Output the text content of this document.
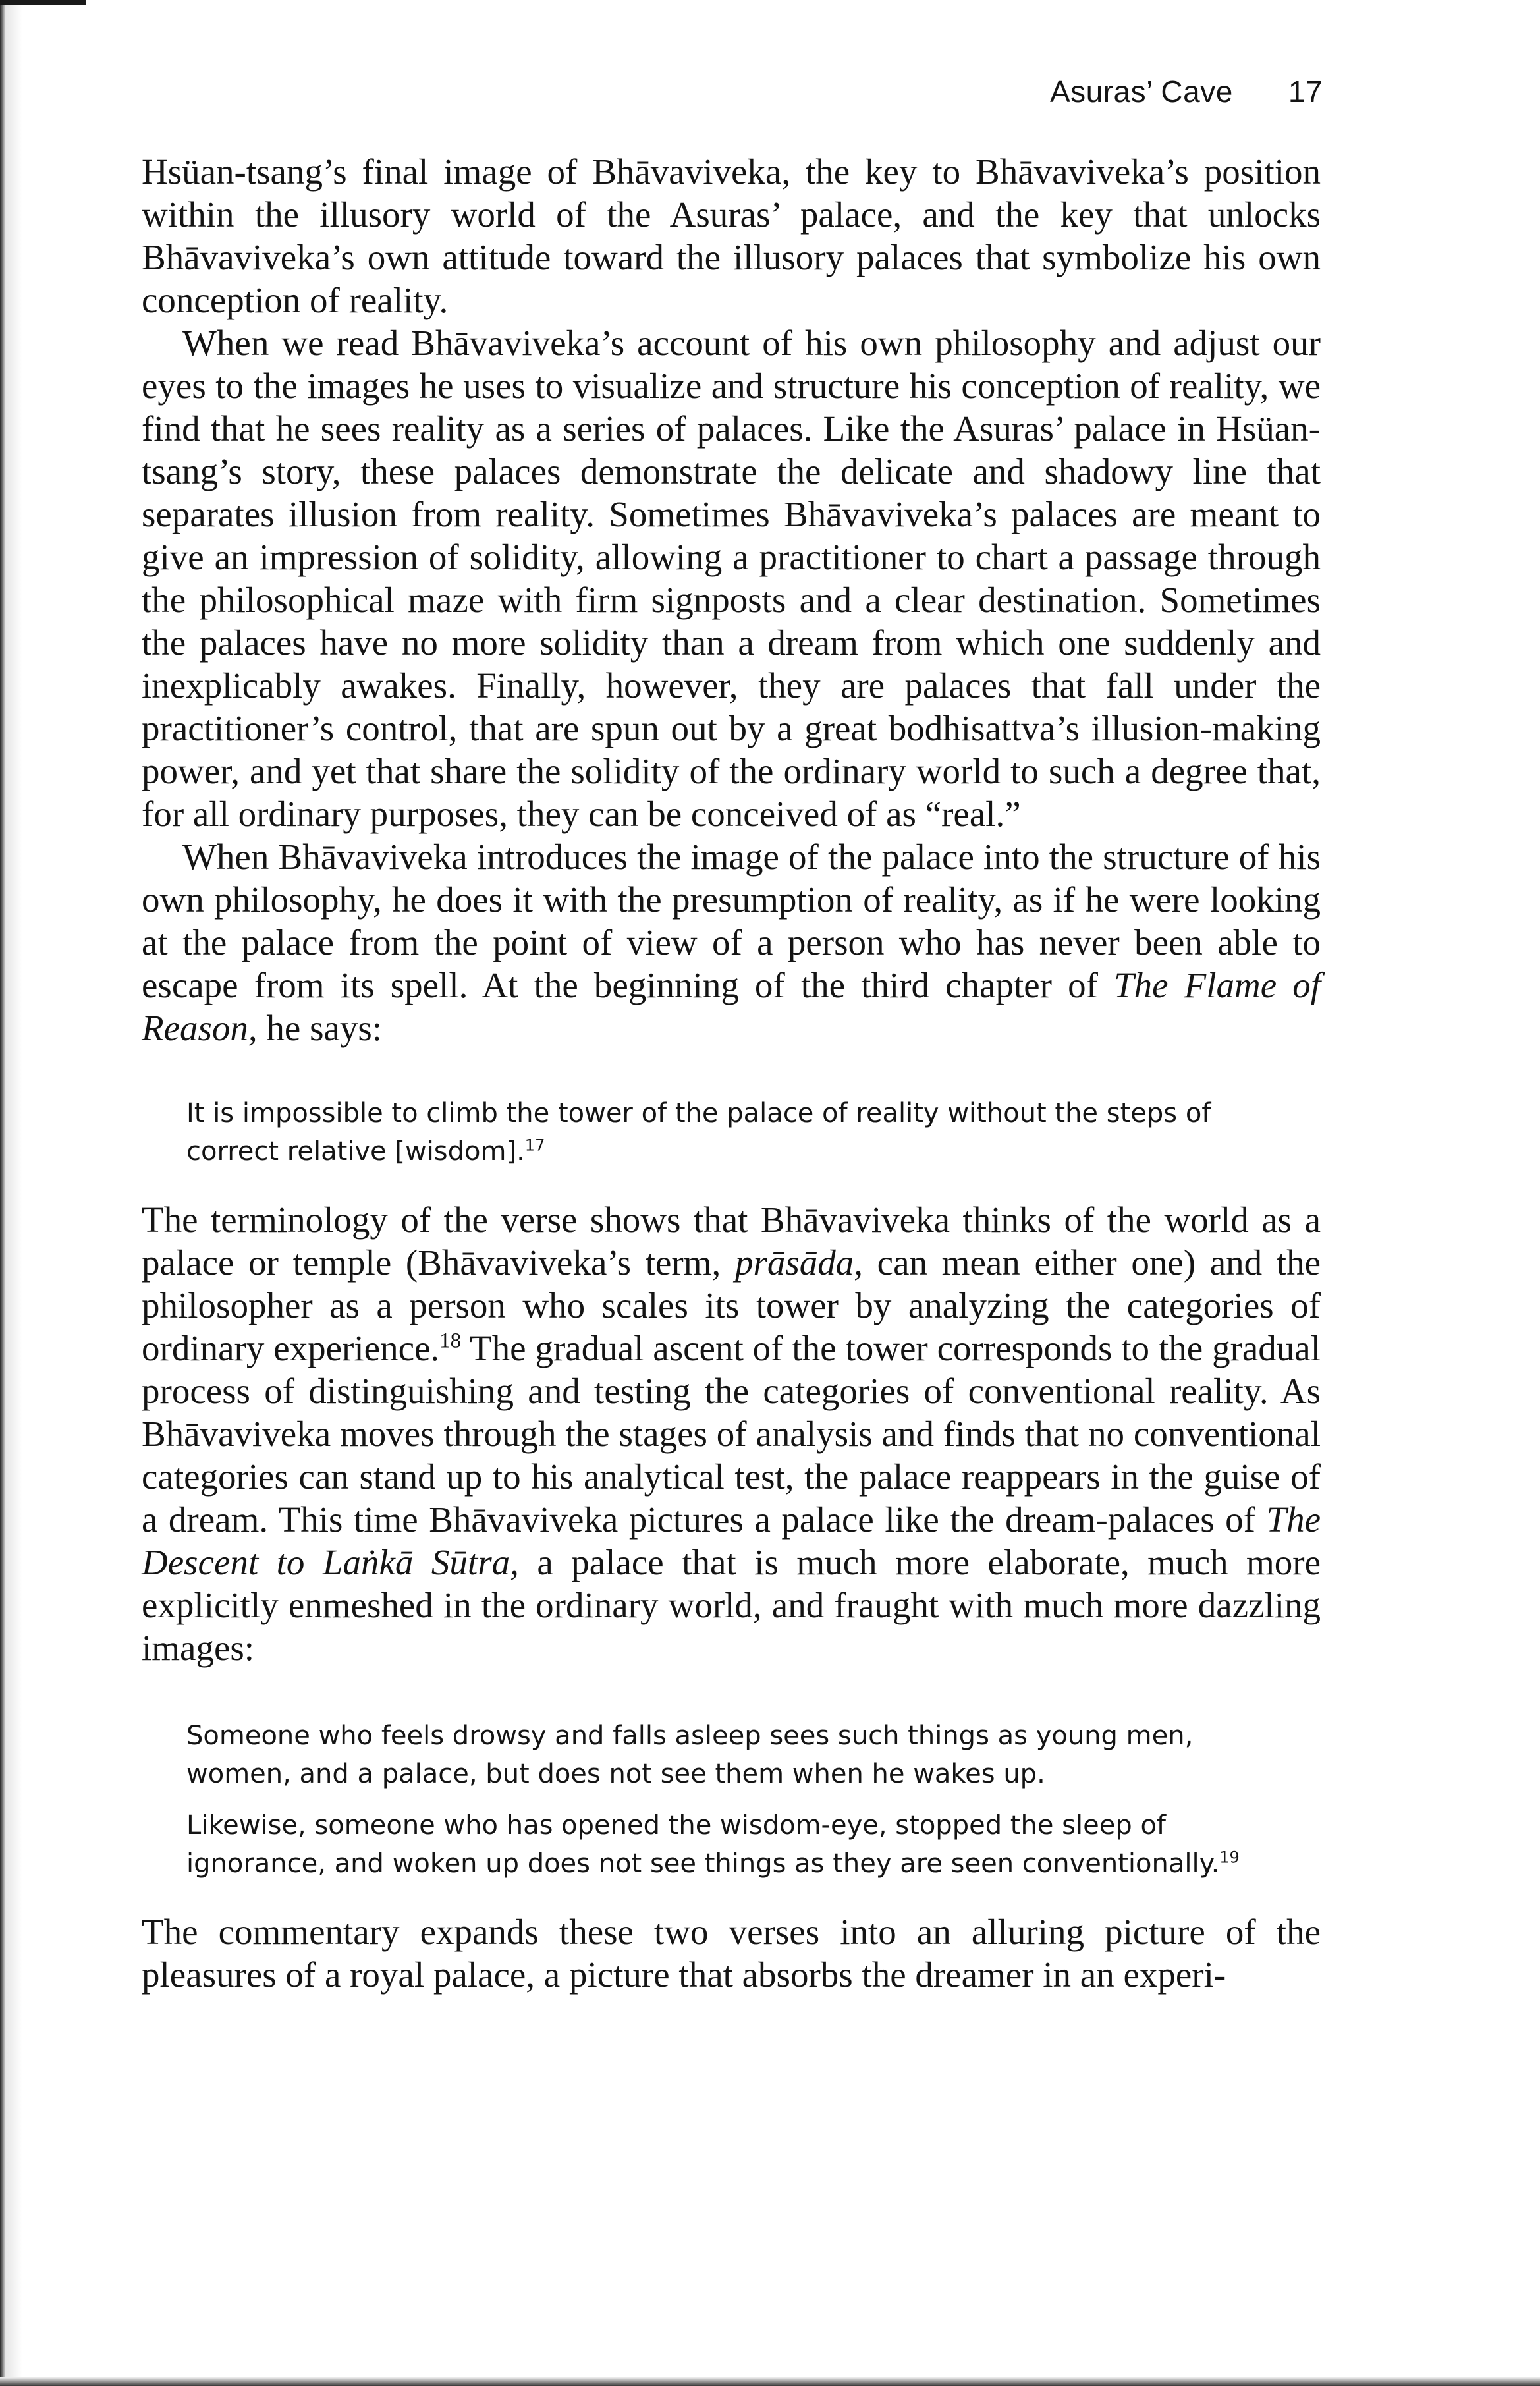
Asuras’ Cave 17

Hsüan-tsang’s final image of Bhāvaviveka, the key to Bhāvaviveka’s position within the illusory world of the Asuras’ palace, and the key that unlocks Bhāvaviveka’s own attitude toward the illusory palaces that symbolize his own conception of reality.

When we read Bhāvaviveka’s account of his own philosophy and adjust our eyes to the images he uses to visualize and structure his conception of reality, we find that he sees reality as a series of palaces. Like the Asuras’ palace in Hsüan-tsang’s story, these palaces demonstrate the delicate and shadowy line that separates illusion from reality. Sometimes Bhāvaviveka’s palaces are meant to give an impression of solidity, allowing a practitioner to chart a passage through the philosophical maze with firm signposts and a clear destination. Sometimes the palaces have no more solidity than a dream from which one suddenly and inexplicably awakes. Finally, however, they are palaces that fall under the practitioner’s control, that are spun out by a great bodhisattva’s illusion-making power, and yet that share the solidity of the ordinary world to such a degree that, for all ordinary purposes, they can be conceived of as “real.”

When Bhāvaviveka introduces the image of the palace into the structure of his own philosophy, he does it with the presumption of reality, as if he were looking at the palace from the point of view of a person who has never been able to escape from its spell. At the beginning of the third chapter of The Flame of Reason, he says:

It is impossible to climb the tower of the palace of reality without the steps of correct relative [wisdom].$^{17}$

The terminology of the verse shows that Bhāvaviveka thinks of the world as a palace or temple (Bhāvaviveka’s term, prāsāda, can mean either one) and the philosopher as a person who scales its tower by analyzing the categories of ordinary experience.$^{18}$ The gradual ascent of the tower corresponds to the gradual process of distinguishing and testing the categories of conventional reality. As Bhāvaviveka moves through the stages of analysis and finds that no conventional categories can stand up to his analytical test, the palace reappears in the guise of a dream. This time Bhāvaviveka pictures a palace like the dream-palaces of The Descent to Laṅkā Sūtra, a palace that is much more elaborate, much more explicitly enmeshed in the ordinary world, and fraught with much more dazzling images:

Someone who feels drowsy and falls asleep sees such things as young men, women, and a palace, but does not see them when he wakes up.
Likewise, someone who has opened the wisdom-eye, stopped the sleep of ignorance, and woken up does not see things as they are seen conventionally.$^{19}$

The commentary expands these two verses into an alluring picture of the pleasures of a royal palace, a picture that absorbs the dreamer in an experi-
